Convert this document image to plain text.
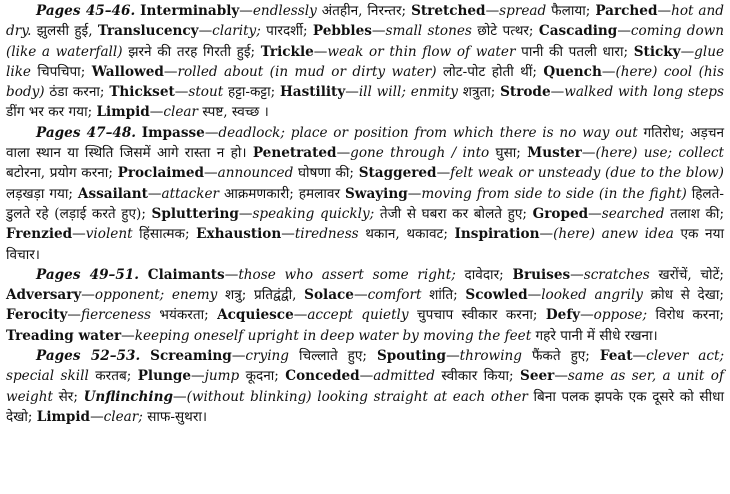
Pages 45–46. Interminably—endlessly अंतहीन, निरन्तर; Stretched—spread फैलाया; Parched—hot and dry. झुलसी हुई, Translucency—clarity; पारदर्शी; Pebbles—small stones छोटे पत्थर; Cascading—coming down (like a waterfall) झरने की तरह गिरती हुई; Trickle—weak or thin flow of water पानी की पतली धारा; Sticky—glue like चिपचिपा; Wallowed—rolled about (in mud or dirty water) लोट-पोट होती थीं; Quench—(here) cool (his body) ठंडा करना; Thickset—stout हट्टा-कट्टा; Hastility—ill will; enmity शत्रुता; Strode—walked with long steps डींग भर कर गया; Limpid—clear स्पष्ट, स्वच्छ ।

Pages 47–48. Impasse—deadlock; place or position from which there is no way out गतिरोध; अड़चन वाला स्थान या स्थिति जिसमें आगे रास्ता न हो। Penetrated—gone through / into घुसा; Muster—(here) use; collect बटोरना, प्रयोग करना; Proclaimed—announced घोषणा की; Staggered—felt weak or unsteady (due to the blow) लड़खड़ा गया; Assailant—attacker आक्रमणकारी; हमलावर Swaying—moving from side to side (in the fight) हिलते-डुलते रहे (लड़ाई करते हुए); Spluttering—speaking quickly; तेजी से घबरा कर बोलते हुए; Groped—searched तलाश की; Frenzied—violent हिंसात्मक; Exhaustion—tiredness थकान, थकावट; Inspiration—(here) anew idea एक नया विचार।

Pages 49–51. Claimants—those who assert some right; दावेदार; Bruises—scratches खरोंचें, चोटें; Adversary—opponent; enemy शत्रु; प्रतिद्वंद्वी, Solace—comfort शांति; Scowled—looked angrily क्रोध से देखा; Ferocity—fierceness भयंकरता; Acquiesce—accept quietly चुपचाप स्वीकार करना; Defy—oppose; विरोध करना; Treading water—keeping oneself upright in deep water by moving the feet गहरे पानी में सीधे रखना।

Pages 52–53. Screaming—crying चिल्लाते हुए; Spouting—throwing फैंकते हुए; Feat—clever act; special skill करतब; Plunge—jump कूदना; Conceded—admitted स्वीकार किया; Seer—same as ser, a unit of weight सेर; Unflinching—(without blinking) looking straight at each other बिना पलक झपके एक दूसरे को सीधा देखो; Limpid—clear; साफ-सुथरा।
